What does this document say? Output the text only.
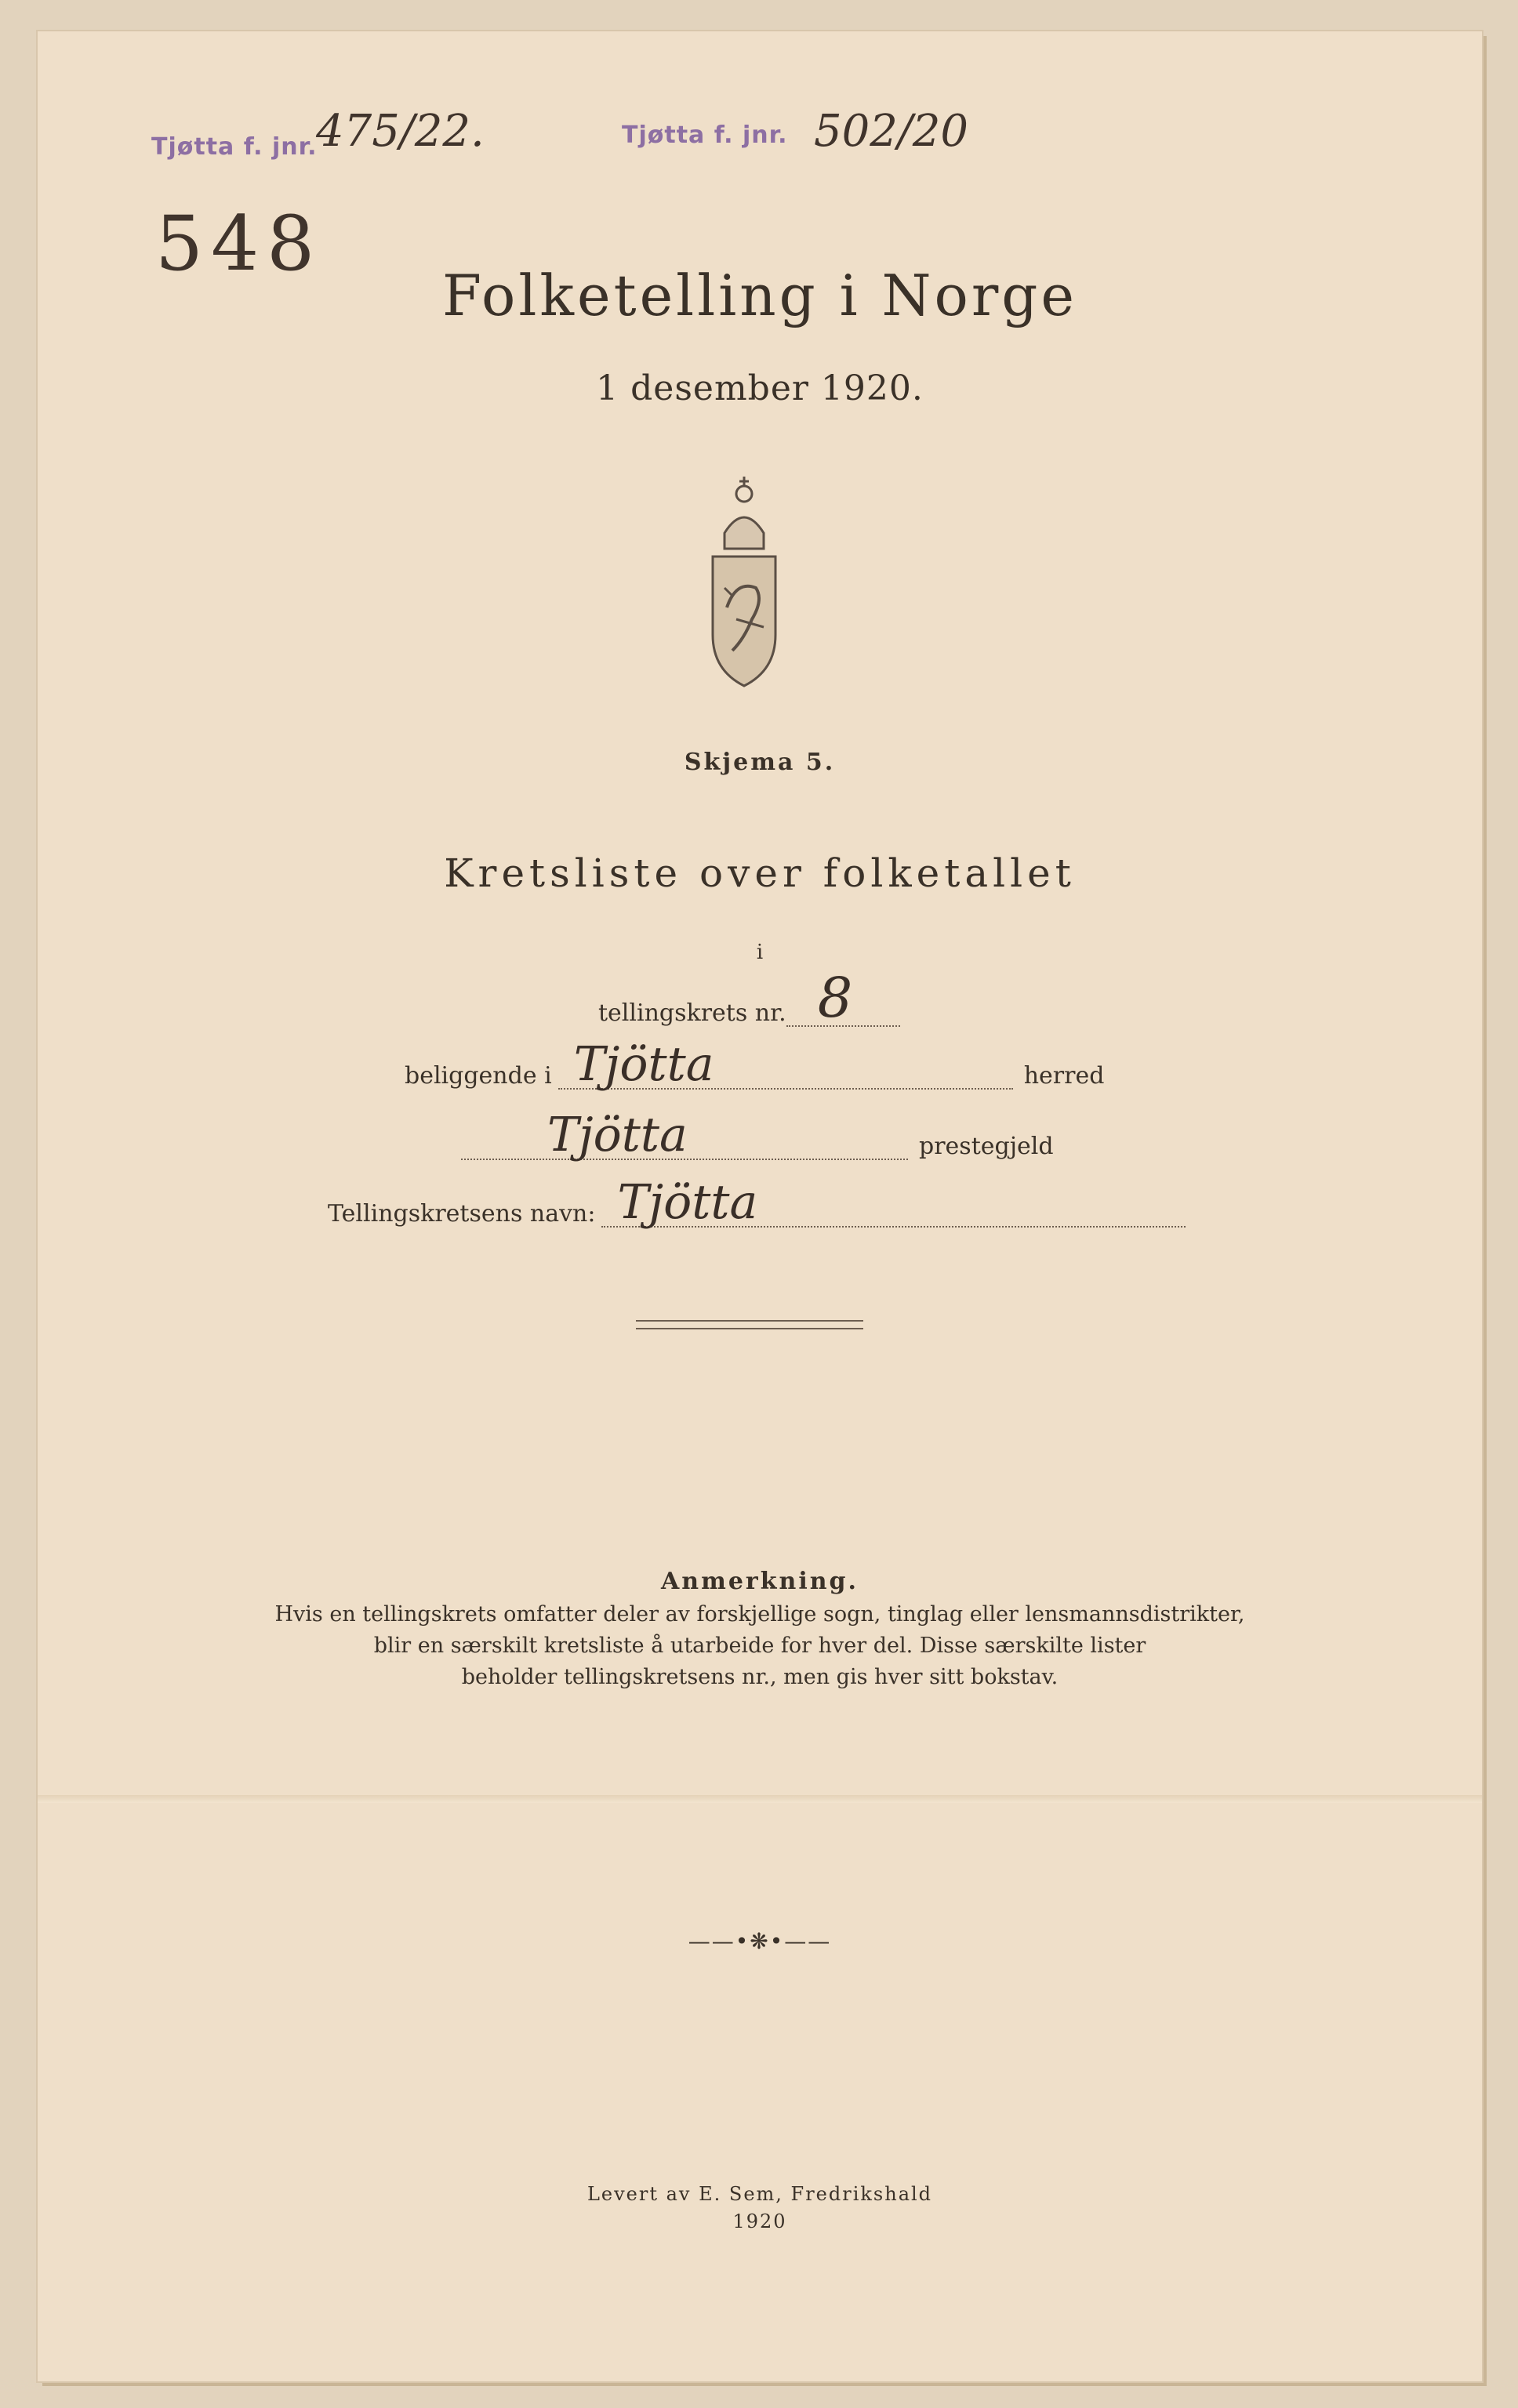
Tjøtta f. jnr.
475/22.	Tjøtta f. jnr. 502/20
548
Folketelling i Norge
1 desember 1920.
Skjema 5.
Kretsliste over folketallet
i
tellingskrets nr. 8
beliggende i Tjötta	herred
Tjötta	prestegjeld
Tellingskretsens navn: Tjötta
Anmerkning.
Hvis en tellingskrets omfatter deler av forskjellige sogn, tinglag eller lensmannsdistrikter,
blir en særskilt kretsliste å utarbeide for hver del. Disse særskilte lister
beholder tellingskretsens nr., men gis hver sitt bokstav.
——•❋•——
Levert av E. Sem, Fredrikshald
1920
